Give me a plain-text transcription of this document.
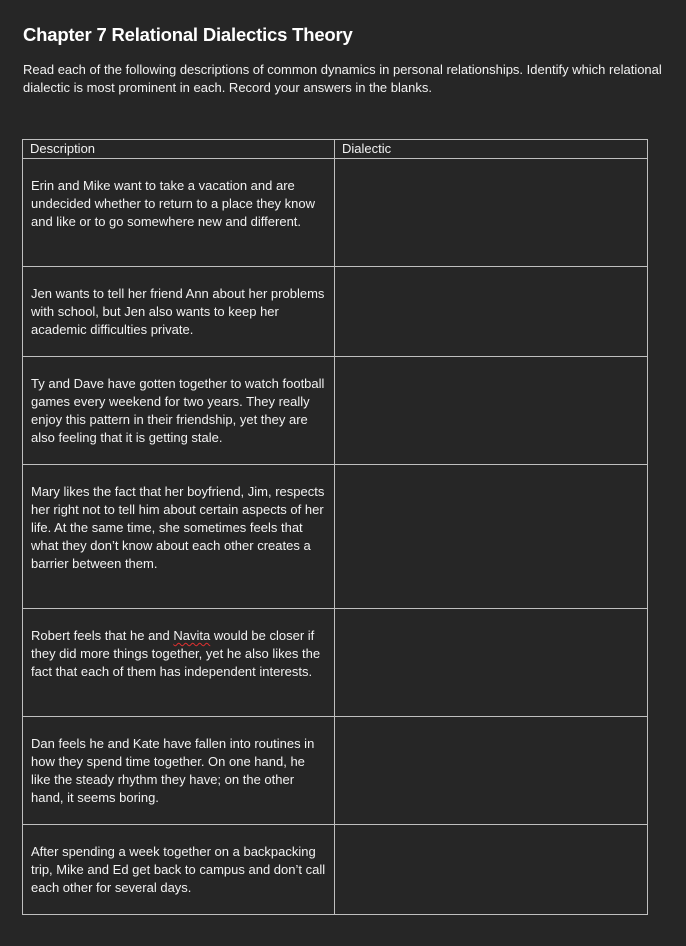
Chapter 7 Relational Dialectics Theory
Read each of the following descriptions of common dynamics in personal relationships. Identify which relational dialectic is most prominent in each. Record your answers in the blanks.
Description	Dialectic
Erin and Mike want to take a vacation and are undecided whether to return to a place they know and like or to go somewhere new and different.	
Jen wants to tell her friend Ann about her problems with school, but Jen also wants to keep her academic difficulties private.	
Ty and Dave have gotten together to watch football games every weekend for two years. They really enjoy this pattern in their friendship, yet they are also feeling that it is getting stale.	
Mary likes the fact that her boyfriend, Jim, respects her right not to tell him about certain aspects of her life. At the same time, she sometimes feels that what they don’t know about each other creates a barrier between them.	
Robert feels that he and Navita would be closer if they did more things together, yet he also likes the fact that each of them has independent interests.	
Dan feels he and Kate have fallen into routines in how they spend time together. On one hand, he like the steady rhythm they have; on the other hand, it seems boring.	
After spending a week together on a backpacking trip, Mike and Ed get back to campus and don’t call each other for several days.	
